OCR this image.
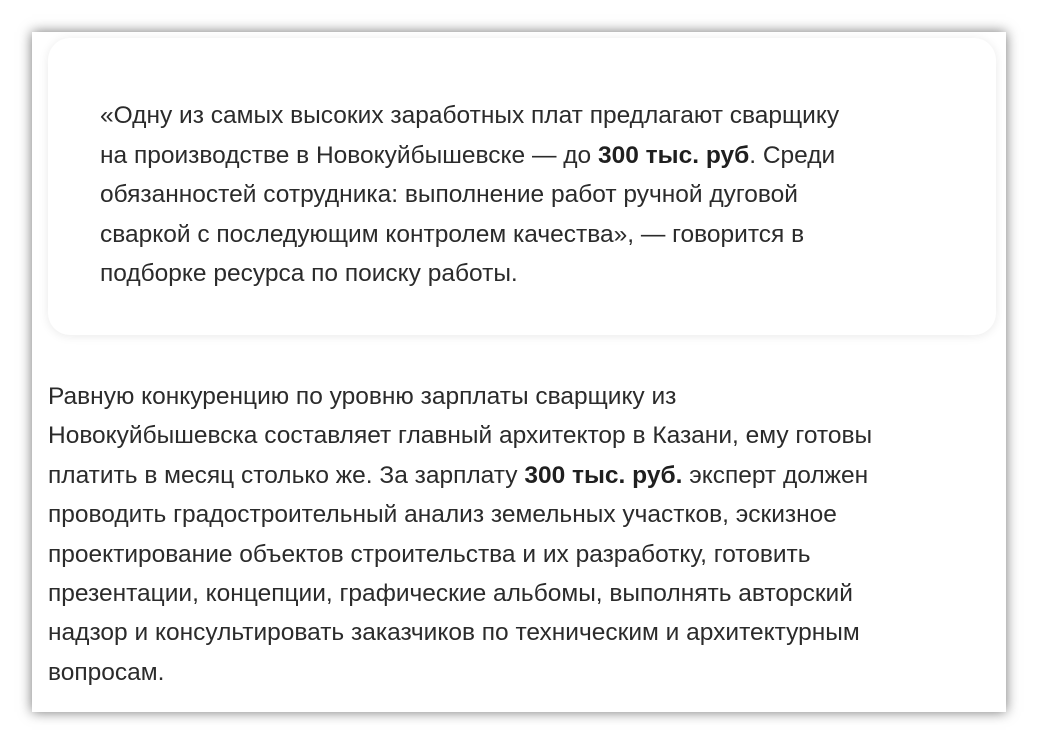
«Одну из самых высоких заработных плат предлагают сварщику
на производстве в Новокуйбышевске — до 300 тыс. руб. Среди
обязанностей сотрудника: выполнение работ ручной дуговой
сваркой с последующим контролем качества», — говорится в
подборке ресурса по поиску работы.

Равную конкуренцию по уровню зарплаты сварщику из
Новокуйбышевска составляет главный архитектор в Казани, ему готовы
платить в месяц столько же. За зарплату 300 тыс. руб. эксперт должен
проводить градостроительный анализ земельных участков, эскизное
проектирование объектов строительства и их разработку, готовить
презентации, концепции, графические альбомы, выполнять авторский
надзор и консультировать заказчиков по техническим и архитектурным
вопросам.
